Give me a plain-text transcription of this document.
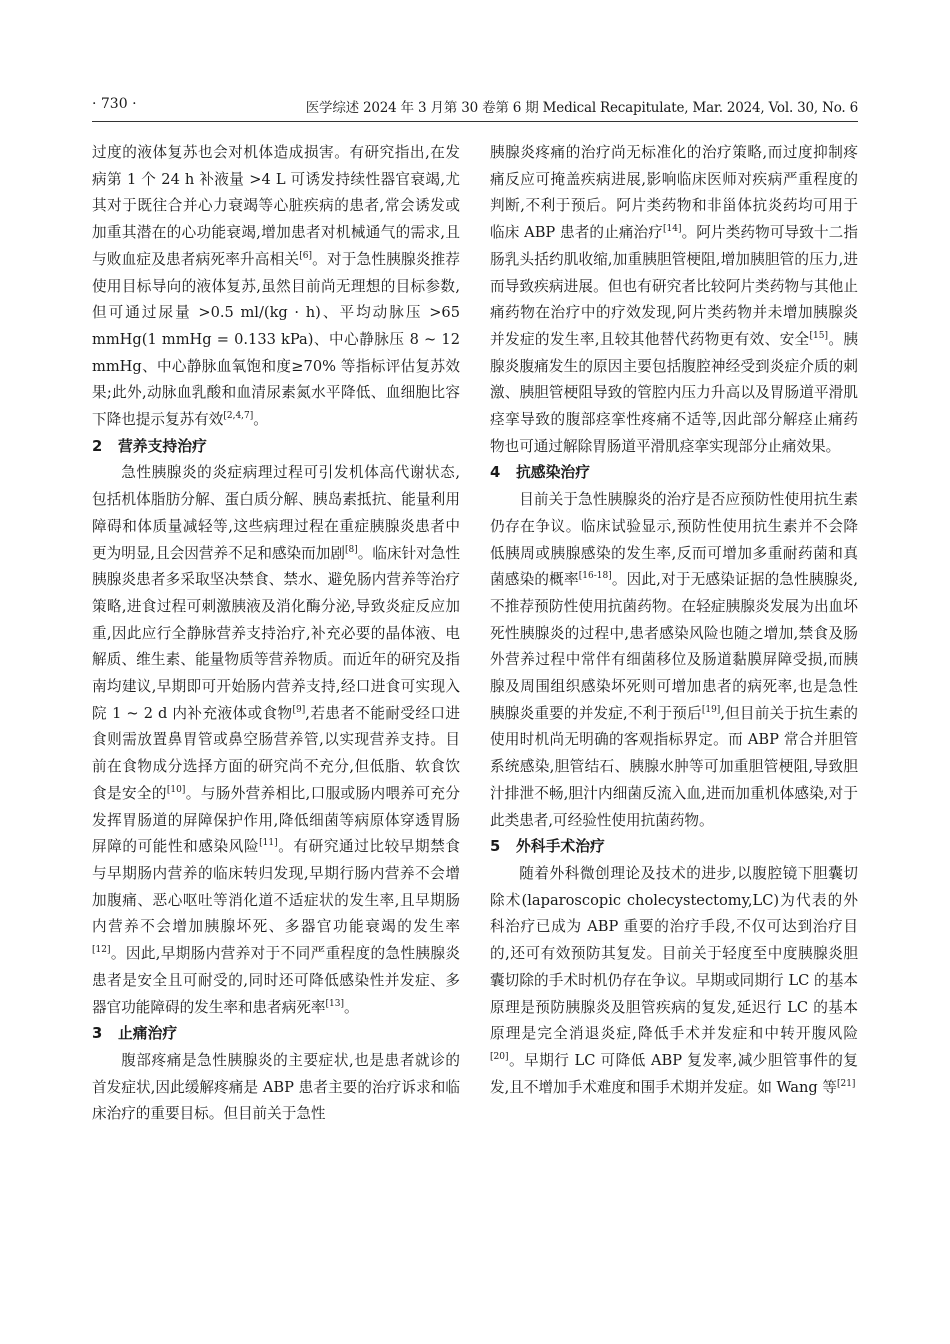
· 730 ·	医学综述 2024 年 3 月第 30 卷第 6 期 Medical Recapitulate, Mar. 2024, Vol. 30, No. 6

过度的液体复苏也会对机体造成损害。有研究指出,在发病第 1 个 24 h 补液量 >4 L 可诱发持续性器官衰竭,尤其对于既往合并心力衰竭等心脏疾病的患者,常会诱发或加重其潜在的心功能衰竭,增加患者对机械通气的需求,且与败血症及患者病死率升高相关[6]。对于急性胰腺炎推荐使用目标导向的液体复苏,虽然目前尚无理想的目标参数,但可通过尿量 >0.5 ml/(kg · h)、平均动脉压 >65 mmHg(1 mmHg = 0.133 kPa)、中心静脉压 8 ~ 12 mmHg、中心静脉血氧饱和度≥70% 等指标评估复苏效果;此外,动脉血乳酸和血清尿素氮水平降低、血细胞比容下降也提示复苏有效[2,4,7]。

2 营养支持治疗

急性胰腺炎的炎症病理过程可引发机体高代谢状态,包括机体脂肪分解、蛋白质分解、胰岛素抵抗、能量利用障碍和体质量减轻等,这些病理过程在重症胰腺炎患者中更为明显,且会因营养不足和感染而加剧[8]。临床针对急性胰腺炎患者多采取坚决禁食、禁水、避免肠内营养等治疗策略,进食过程可刺激胰液及消化酶分泌,导致炎症反应加重,因此应行全静脉营养支持治疗,补充必要的晶体液、电解质、维生素、能量物质等营养物质。而近年的研究及指南均建议,早期即可开始肠内营养支持,经口进食可实现入院 1 ~ 2 d 内补充液体或食物[9],若患者不能耐受经口进食则需放置鼻胃管或鼻空肠营养管,以实现营养支持。目前在食物成分选择方面的研究尚不充分,但低脂、软食饮食是安全的[10]。与肠外营养相比,口服或肠内喂养可充分发挥胃肠道的屏障保护作用,降低细菌等病原体穿透胃肠屏障的可能性和感染风险[11]。有研究通过比较早期禁食与早期肠内营养的临床转归发现,早期行肠内营养不会增加腹痛、恶心呕吐等消化道不适症状的发生率,且早期肠内营养不会增加胰腺坏死、多器官功能衰竭的发生率[12]。因此,早期肠内营养对于不同严重程度的急性胰腺炎患者是安全且可耐受的,同时还可降低感染性并发症、多器官功能障碍的发生率和患者病死率[13]。

3 止痛治疗

腹部疼痛是急性胰腺炎的主要症状,也是患者就诊的首发症状,因此缓解疼痛是 ABP 患者主要的治疗诉求和临床治疗的重要目标。但目前关于急性

胰腺炎疼痛的治疗尚无标准化的治疗策略,而过度抑制疼痛反应可掩盖疾病进展,影响临床医师对疾病严重程度的判断,不利于预后。阿片类药物和非甾体抗炎药均可用于临床 ABP 患者的止痛治疗[14]。阿片类药物可导致十二指肠乳头括约肌收缩,加重胰胆管梗阻,增加胰胆管的压力,进而导致疾病进展。但也有研究者比较阿片类药物与其他止痛药物在治疗中的疗效发现,阿片类药物并未增加胰腺炎并发症的发生率,且较其他替代药物更有效、安全[15]。胰腺炎腹痛发生的原因主要包括腹腔神经受到炎症介质的刺激、胰胆管梗阻导致的管腔内压力升高以及胃肠道平滑肌痉挛导致的腹部痉挛性疼痛不适等,因此部分解痉止痛药物也可通过解除胃肠道平滑肌痉挛实现部分止痛效果。

4 抗感染治疗

目前关于急性胰腺炎的治疗是否应预防性使用抗生素仍存在争议。临床试验显示,预防性使用抗生素并不会降低胰周或胰腺感染的发生率,反而可增加多重耐药菌和真菌感染的概率[16-18]。因此,对于无感染证据的急性胰腺炎,不推荐预防性使用抗菌药物。在轻症胰腺炎发展为出血坏死性胰腺炎的过程中,患者感染风险也随之增加,禁食及肠外营养过程中常伴有细菌移位及肠道黏膜屏障受损,而胰腺及周围组织感染坏死则可增加患者的病死率,也是急性胰腺炎重要的并发症,不利于预后[19],但目前关于抗生素的使用时机尚无明确的客观指标界定。而 ABP 常合并胆管系统感染,胆管结石、胰腺水肿等可加重胆管梗阻,导致胆汁排泄不畅,胆汁内细菌反流入血,进而加重机体感染,对于此类患者,可经验性使用抗菌药物。

5 外科手术治疗

随着外科微创理论及技术的进步,以腹腔镜下胆囊切除术(laparoscopic cholecystectomy,LC)为代表的外科治疗已成为 ABP 重要的治疗手段,不仅可达到治疗目的,还可有效预防其复发。目前关于轻度至中度胰腺炎胆囊切除的手术时机仍存在争议。早期或同期行 LC 的基本原理是预防胰腺炎及胆管疾病的复发,延迟行 LC 的基本原理是完全消退炎症,降低手术并发症和中转开腹风险[20]。早期行 LC 可降低 ABP 复发率,减少胆管事件的复发,且不增加手术难度和围手术期并发症。如 Wang 等[21]
